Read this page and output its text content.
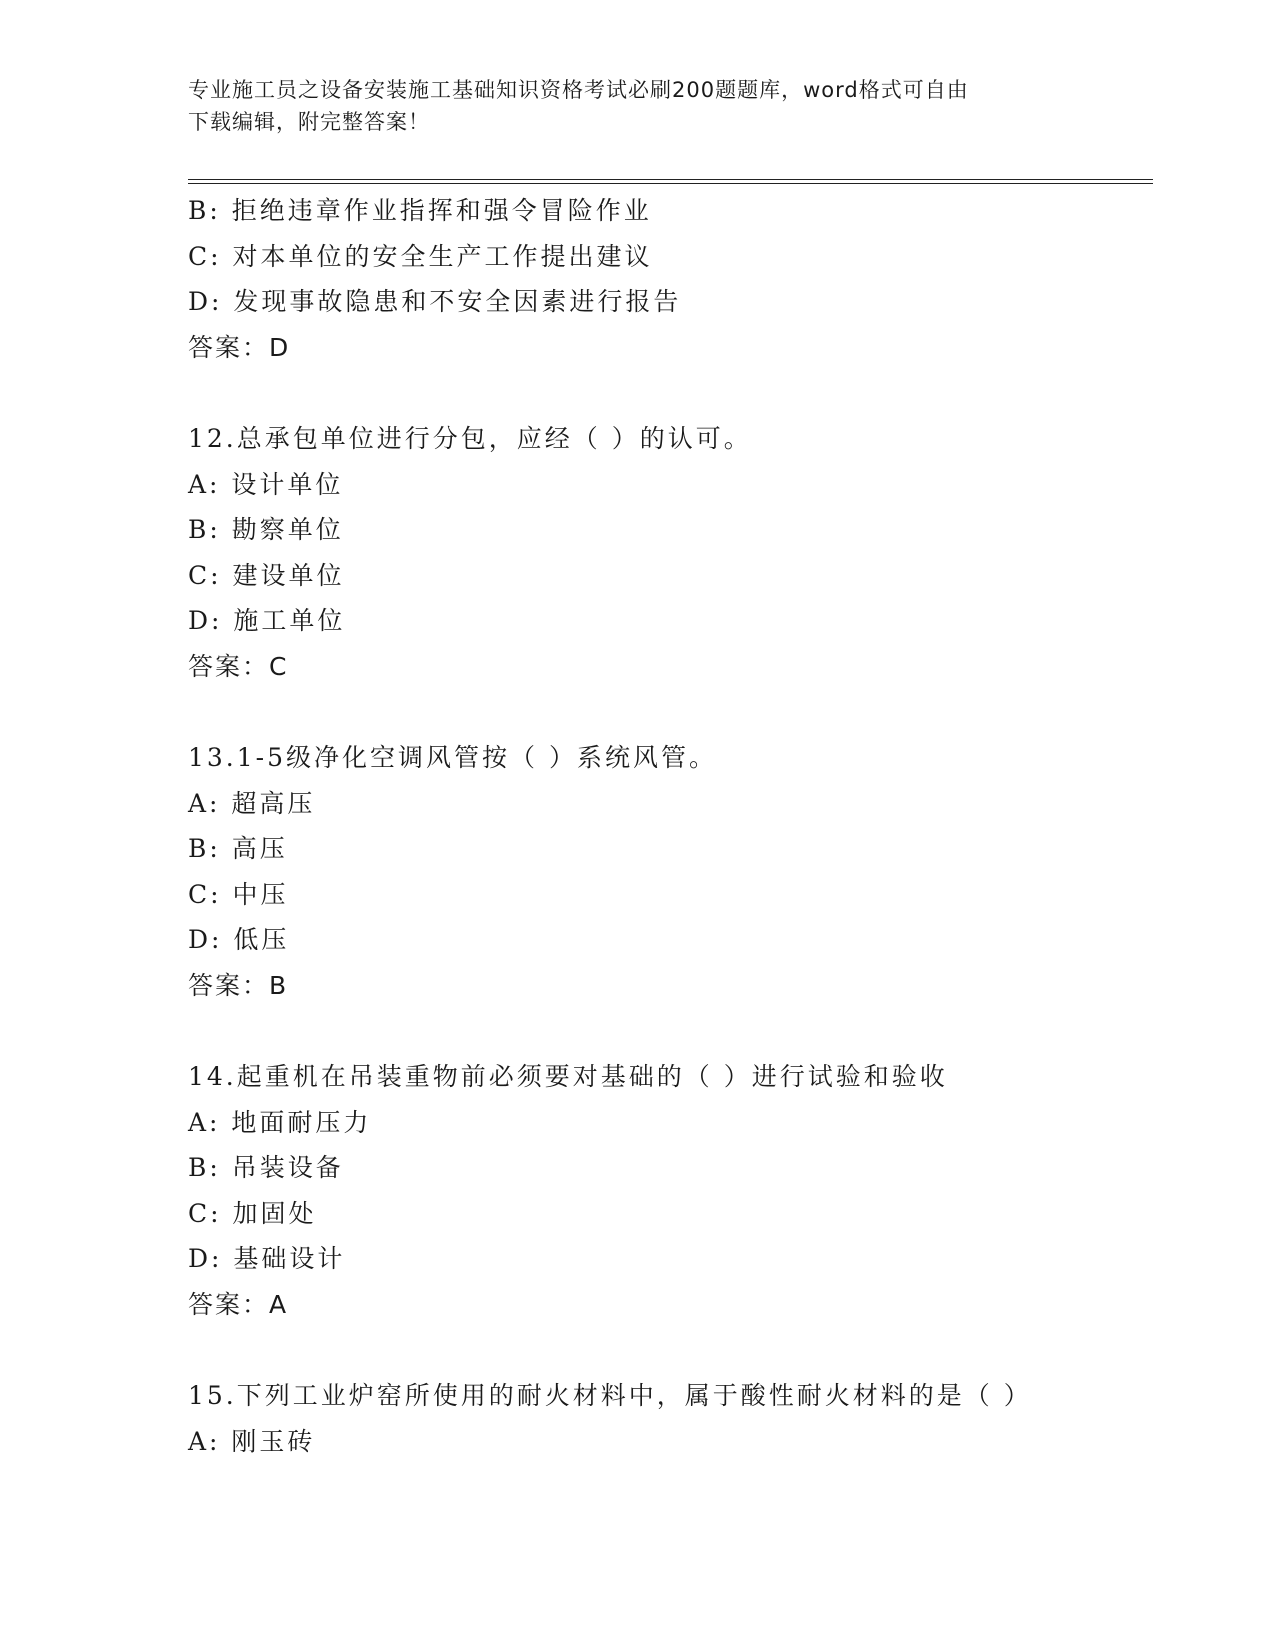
专业施工员之设备安装施工基础知识资格考试必刷200题题库，word格式可自由
下载编辑，附完整答案！
B: 拒绝违章作业指挥和强令冒险作业
C: 对本单位的安全生产工作提出建议
D: 发现事故隐患和不安全因素进行报告
答案：D
12.总承包单位进行分包，应经（ ）的认可。
A: 设计单位
B: 勘察单位
C: 建设单位
D: 施工单位
答案：C
13.1-5级净化空调风管按（ ）系统风管。
A: 超高压
B: 高压
C: 中压
D: 低压
答案：B
14.起重机在吊装重物前必须要对基础的（ ）进行试验和验收
A: 地面耐压力
B: 吊装设备
C: 加固处
D: 基础设计
答案：A
15.下列工业炉窑所使用的耐火材料中，属于酸性耐火材料的是（ ）
A: 刚玉砖
